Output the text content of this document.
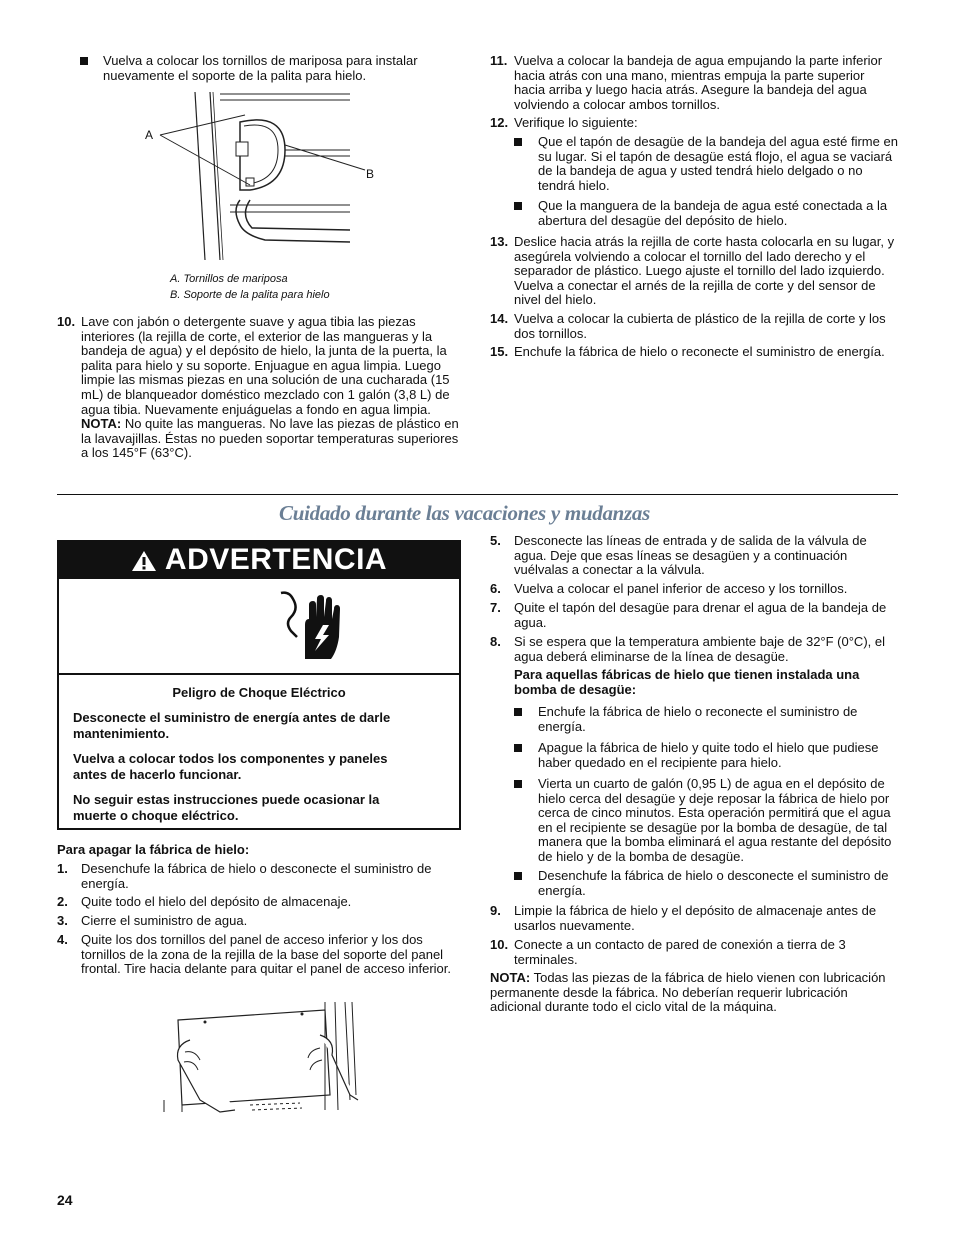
Vuelva a colocar los tornillos de mariposa para instalar nuevamente el soporte de la palita para hielo.
A
B
A. Tornillos de mariposa
B. Soporte de la palita para hielo
10. Lave con jabón o detergente suave y agua tibia las piezas interiores (la rejilla de corte, el exterior de las mangueras y la bandeja de agua) y el depósito de hielo, la junta de la puerta, la palita para hielo y su soporte. Enjuague en agua limpia. Luego limpie las mismas piezas en una solución de una cucharada (15 mL) de blanqueador doméstico mezclado con 1 galón (3,8 L) de agua tibia. Nuevamente enjuáguelas a fondo en agua limpia.
NOTA: No quite las mangueras. No lave las piezas de plástico en la lavavajillas. Éstas no pueden soportar temperaturas superiores a los 145°F (63°C).
11. Vuelva a colocar la bandeja de agua empujando la parte inferior hacia atrás con una mano, mientras empuja la parte superior hacia arriba y luego hacia atrás. Asegure la bandeja del agua volviendo a colocar ambos tornillos.
12. Verifique lo siguiente:
Que el tapón de desagüe de la bandeja del agua esté firme en su lugar. Si el tapón de desagüe está flojo, el agua se vaciará de la bandeja de agua y usted tendrá hielo delgado o no tendrá hielo.
Que la manguera de la bandeja de agua esté conectada a la abertura del desagüe del depósito de hielo.
13. Deslice hacia atrás la rejilla de corte hasta colocarla en su lugar, y asegúrela volviendo a colocar el tornillo del lado derecho y el separador de plástico. Luego ajuste el tornillo del lado izquierdo. Vuelva a conectar el arnés de la rejilla de corte y del sensor de nivel del hielo.
14. Vuelva a colocar la cubierta de plástico de la rejilla de corte y los dos tornillos.
15. Enchufe la fábrica de hielo o reconecte el suministro de energía.
Cuidado durante las vacaciones y mudanzas
ADVERTENCIA
Peligro de Choque Eléctrico
Desconecte el suministro de energía antes de darle mantenimiento.
Vuelva a colocar todos los componentes y paneles antes de hacerlo funcionar.
No seguir estas instrucciones puede ocasionar la muerte o choque eléctrico.
Para apagar la fábrica de hielo:
1. Desenchufe la fábrica de hielo o desconecte el suministro de energía.
2. Quite todo el hielo del depósito de almacenaje.
3. Cierre el suministro de agua.
4. Quite los dos tornillos del panel de acceso inferior y los dos tornillos de la zona de la rejilla de la base del soporte del panel frontal. Tire hacia delante para quitar el panel de acceso inferior.
5. Desconecte las líneas de entrada y de salida de la válvula de agua. Deje que esas líneas se desagüen y a continuación vuélvalas a conectar a la válvula.
6. Vuelva a colocar el panel inferior de acceso y los tornillos.
7. Quite el tapón del desagüe para drenar el agua de la bandeja de agua.
8. Si se espera que la temperatura ambiente baje de 32°F (0°C), el agua deberá eliminarse de la línea de desagüe.
Para aquellas fábricas de hielo que tienen instalada una bomba de desagüe:
Enchufe la fábrica de hielo o reconecte el suministro de energía.
Apague la fábrica de hielo y quite todo el hielo que pudiese haber quedado en el recipiente para hielo.
Vierta un cuarto de galón (0,95 L) de agua en el depósito de hielo cerca del desagüe y deje reposar la fábrica de hielo por cerca de cinco minutos. Esta operación permitirá que el agua en el recipiente se desagüe por la bomba de desagüe, de tal manera que la bomba eliminará el agua restante del depósito de hielo y de la bomba de desagüe.
Desenchufe la fábrica de hielo o desconecte el suministro de energía.
9. Limpie la fábrica de hielo y el depósito de almacenaje antes de usarlos nuevamente.
10. Conecte a un contacto de pared de conexión a tierra de 3 terminales.
NOTA: Todas las piezas de la fábrica de hielo vienen con lubricación permanente desde la fábrica. No deberían requerir lubricación adicional durante todo el ciclo vital de la máquina.
24
